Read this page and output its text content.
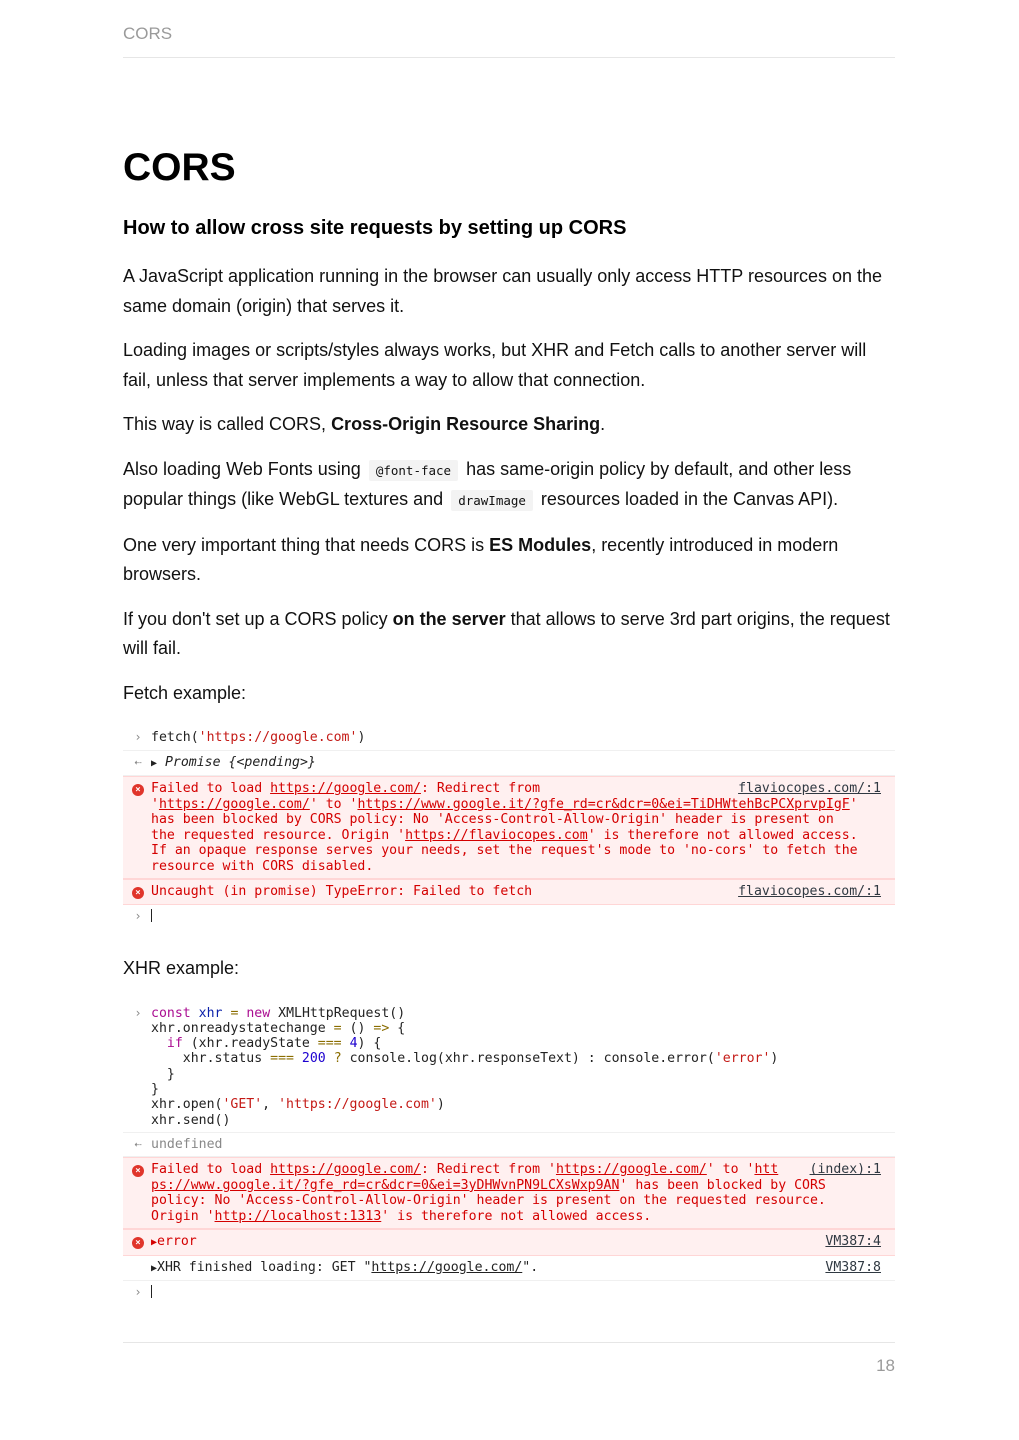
CORS
CORS
How to allow cross site requests by setting up CORS

A JavaScript application running in the browser can usually only access HTTP resources on the same domain (origin) that serves it.

Loading images or scripts/styles always works, but XHR and Fetch calls to another server will fail, unless that server implements a way to allow that connection.

This way is called CORS, Cross-Origin Resource Sharing.

Also loading Web Fonts using @font-face has same-origin policy by default, and other less popular things (like WebGL textures and drawImage resources loaded in the Canvas API).

One very important thing that needs CORS is ES Modules, recently introduced in modern browsers.

If you don't set up a CORS policy on the server that allows to serve 3rd part origins, the request will fail.

Fetch example:

› fetch('https://google.com')
⇠ ▶ Promise {<pending>}
×	flaviocopes.com/:1
Failed to load https://google.com/: Redirect from
'https://google.com/' to 'https://www.google.it/?gfe_rd=cr&dcr=0&ei=TiDHWtehBcPCXprvpIgF'
has been blocked by CORS policy: No 'Access-Control-Allow-Origin' header is present on
the requested resource. Origin 'https://flaviocopes.com' is therefore not allowed access.
If an opaque response serves your needs, set the request's mode to 'no-cors' to fetch the
resource with CORS disabled.
×	flaviocopes.com/:1
Uncaught (in promise) TypeError: Failed to fetch
›

XHR example:

› const xhr = new XMLHttpRequest()
xhr.onreadystatechange = () => {
if (xhr.readyState === 4) {
xhr.status === 200 ? console.log(xhr.responseText) : console.error('error')
}
}
xhr.open('GET', 'https://google.com')
xhr.send()
⇠ undefined
×	(index):1
Failed to load https://google.com/: Redirect from 'https://google.com/' to 'htt
ps://www.google.it/?gfe_rd=cr&dcr=0&ei=3yDHWvnPN9LCXsWxp9AN' has been blocked by CORS
policy: No 'Access-Control-Allow-Origin' header is present on the requested resource.
Origin 'http://localhost:1313' is therefore not allowed access.
×	VM387:4
▶error
VM387:8
▶XHR finished loading: GET "https://google.com/".
›
18
